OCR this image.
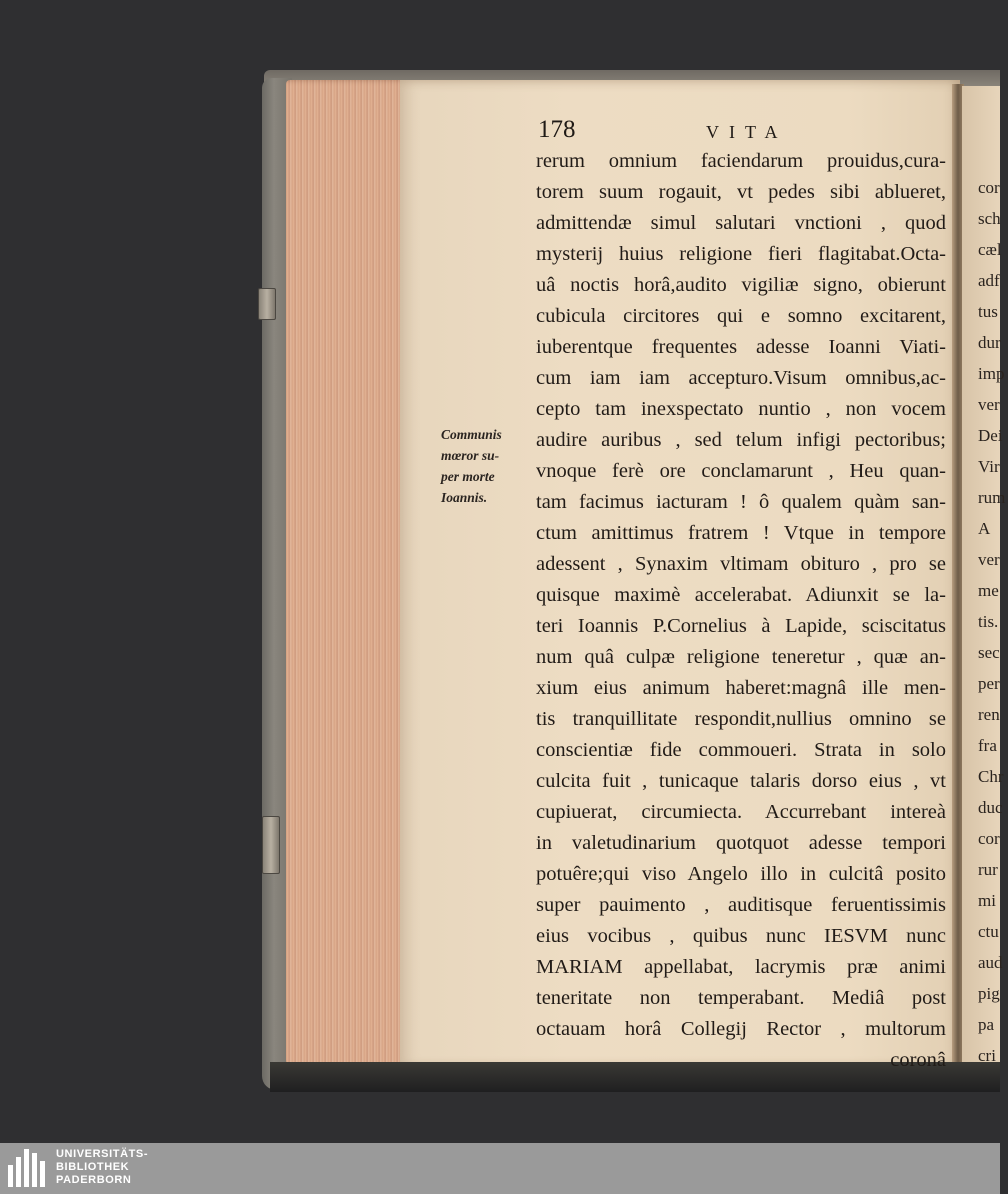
178	VITA
rerum omnium faciendarum prouidus,cura-
torem suum rogauit, vt pedes sibi ablueret,
admittendæ simul salutari vnctioni , quod
mysterij huius religione fieri flagitabat.Octa-
uâ noctis horâ,audito vigiliæ signo, obierunt
cubicula circitores qui e somno excitarent,
iuberentque frequentes adesse Ioanni Viati-
cum iam iam accepturo.Visum omnibus,ac-
cepto tam inexspectato nuntio , non vocem
audire auribus , sed telum infigi pectoribus;
vnoque ferè ore conclamarunt , Heu quan-
tam facimus iacturam ! ô qualem quàm san-
ctum amittimus fratrem ! Vtque in tempore
adessent , Synaxim vltimam obituro , pro se
quisque maximè accelerabat. Adiunxit se la-
teri Ioannis P.Cornelius à Lapide, sciscitatus
num quâ culpæ religione teneretur , quæ an-
xium eius animum haberet:magnâ ille men-
tis tranquillitate respondit,nullius omnino se
conscientiæ fide commoueri. Strata in solo
culcita fuit , tunicaque talaris dorso eius , vt
cupiuerat, circumiecta. Accurrebant intereà
in valetudinarium quotquot adesse tempori
potuêre;qui viso Angelo illo in culcitâ posito
super pauimento , auditisque feruentissimis
eius vocibus , quibus nunc IESVM nunc
MARIAM appellabat, lacrymis præ animi
teneritate non temperabant. Mediâ post
octauam horâ Collegij Rector , multorum
coronâ
Communis
mœror su-
per morte
Ioannis.
cor
sch
cæl
adf
tus
dur
imp
ver
Dei
Vir
rum
A
ver
me
tis.
sec
per
ren
fra
Chr
duc
cor
rur
mi
ctu
aud
pig
pa
cri
UNIVERSITÄTS-
BIBLIOTHEK
PADERBORN
